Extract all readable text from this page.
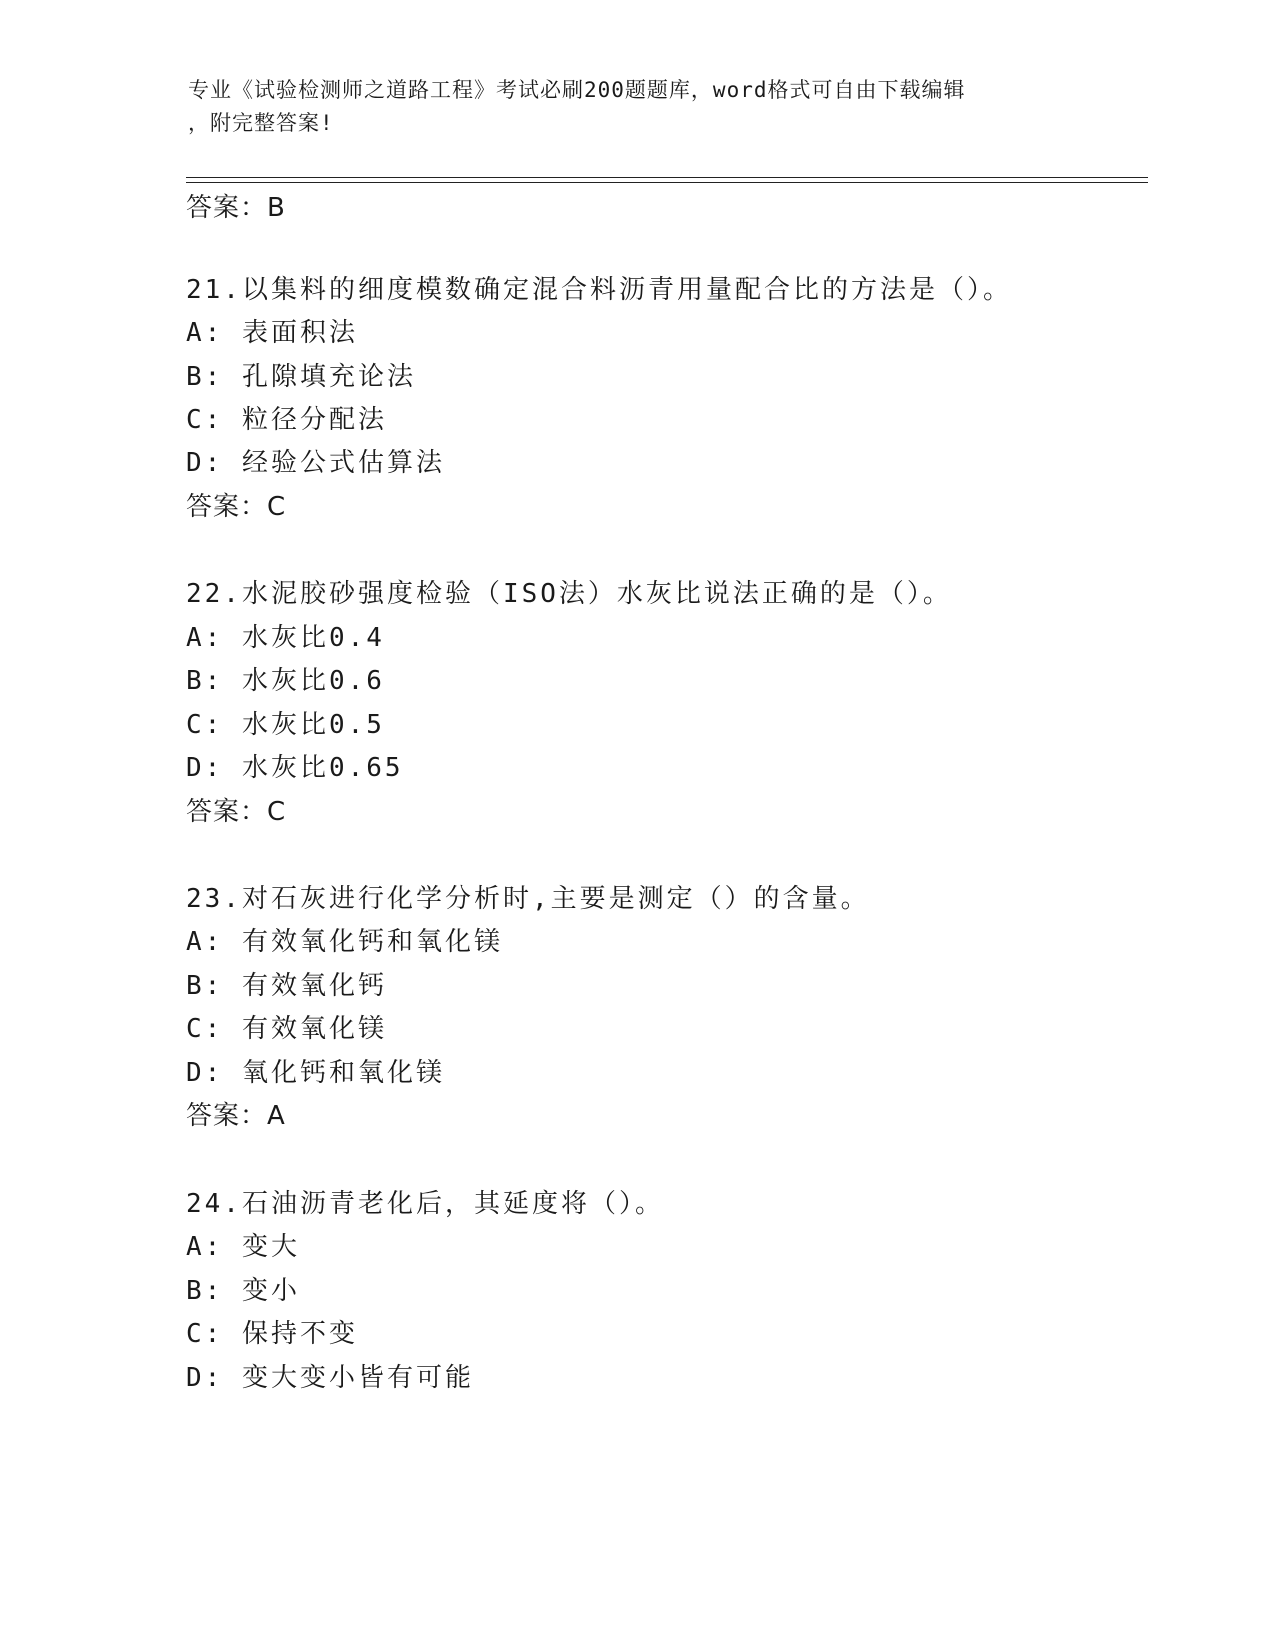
专业《试验检测师之道路工程》考试必刷200题题库，word格式可自由下载编辑
，附完整答案!
答案：B
21.以集料的细度模数确定混合料沥青用量配合比的方法是（）。
A: 表面积法
B: 孔隙填充论法
C: 粒径分配法
D: 经验公式估算法
答案：C
22.水泥胶砂强度检验（ISO法）水灰比说法正确的是（）。
A: 水灰比0.4
B: 水灰比0.6
C: 水灰比0.5
D: 水灰比0.65
答案：C
23.对石灰进行化学分析时,主要是测定（）的含量。
A: 有效氧化钙和氧化镁
B: 有效氧化钙
C: 有效氧化镁
D: 氧化钙和氧化镁
答案：A
24.石油沥青老化后，其延度将（）。
A: 变大
B: 变小
C: 保持不变
D: 变大变小皆有可能
